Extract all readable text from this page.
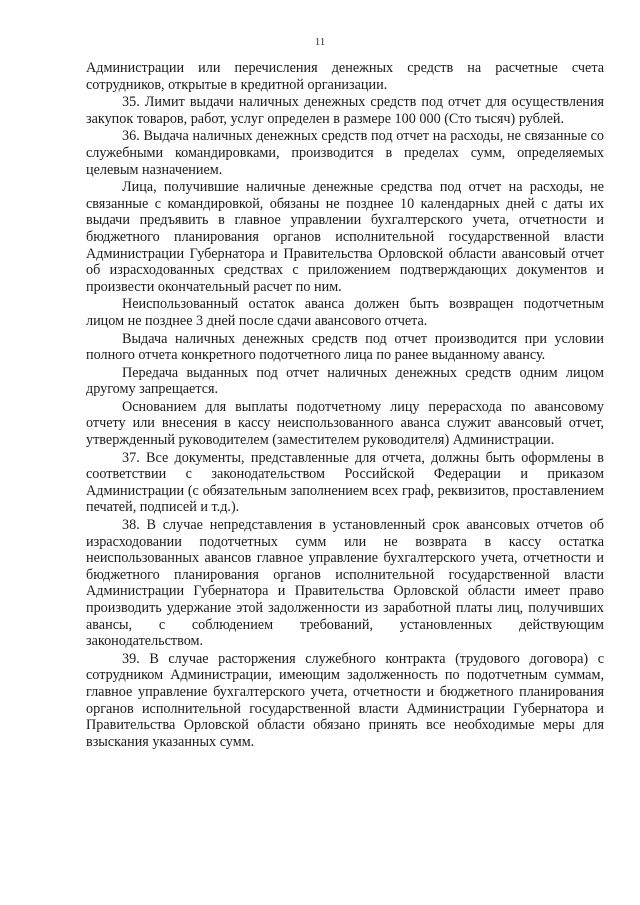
11

Администрации или перечисления денежных средств на расчетные счета сотрудников, открытые в кредитной организации.

35. Лимит выдачи наличных денежных средств под отчет для осуществления закупок товаров, работ, услуг определен в размере 100 000 (Сто тысяч) рублей.

36. Выдача наличных денежных средств под отчет на расходы, не связанные со служебными командировками, производится в пределах сумм, определяемых целевым назначением.

Лица, получившие наличные денежные средства под отчет на расходы, не связанные с командировкой, обязаны не позднее 10 календарных дней с даты их выдачи предъявить в главное управлении бухгалтерского учета, отчетности и бюджетного планирования органов исполнительной государственной власти Администрации Губернатора и Правительства Орловской области авансовый отчет об израсходованных средствах с приложением подтверждающих документов и произвести окончательный расчет по ним.

Неиспользованный остаток аванса должен быть возвращен подотчетным лицом не позднее 3 дней после сдачи авансового отчета.

Выдача наличных денежных средств под отчет производится при условии полного отчета конкретного подотчетного лица по ранее выданному авансу.

Передача выданных под отчет наличных денежных средств одним лицом другому запрещается.

Основанием для выплаты подотчетному лицу перерасхода по авансовому отчету или внесения в кассу неиспользованного аванса служит авансовый отчет, утвержденный руководителем (заместителем руководителя) Администрации.

37. Все документы, представленные для отчета, должны быть оформлены в соответствии с законодательством Российской Федерации и приказом Администрации (с обязательным заполнением всех граф, реквизитов, проставлением печатей, подписей и т.д.).

38. В случае непредставления в установленный срок авансовых отчетов об израсходовании подотчетных сумм или не возврата в кассу остатка неиспользованных авансов главное управление бухгалтерского учета, отчетности и бюджетного планирования органов исполнительной государственной власти Администрации Губернатора и Правительства Орловской области имеет право производить удержание этой задолженности из заработной платы лиц, получивших авансы, с соблюдением требований, установленных действующим законодательством.

39. В случае расторжения служебного контракта (трудового договора) с сотрудником Администрации, имеющим задолженность по подотчетным суммам, главное управление бухгалтерского учета, отчетности и бюджетного планирования органов исполнительной государственной власти Администрации Губернатора и Правительства Орловской области обязано принять все необходимые меры для взыскания указанных сумм.
